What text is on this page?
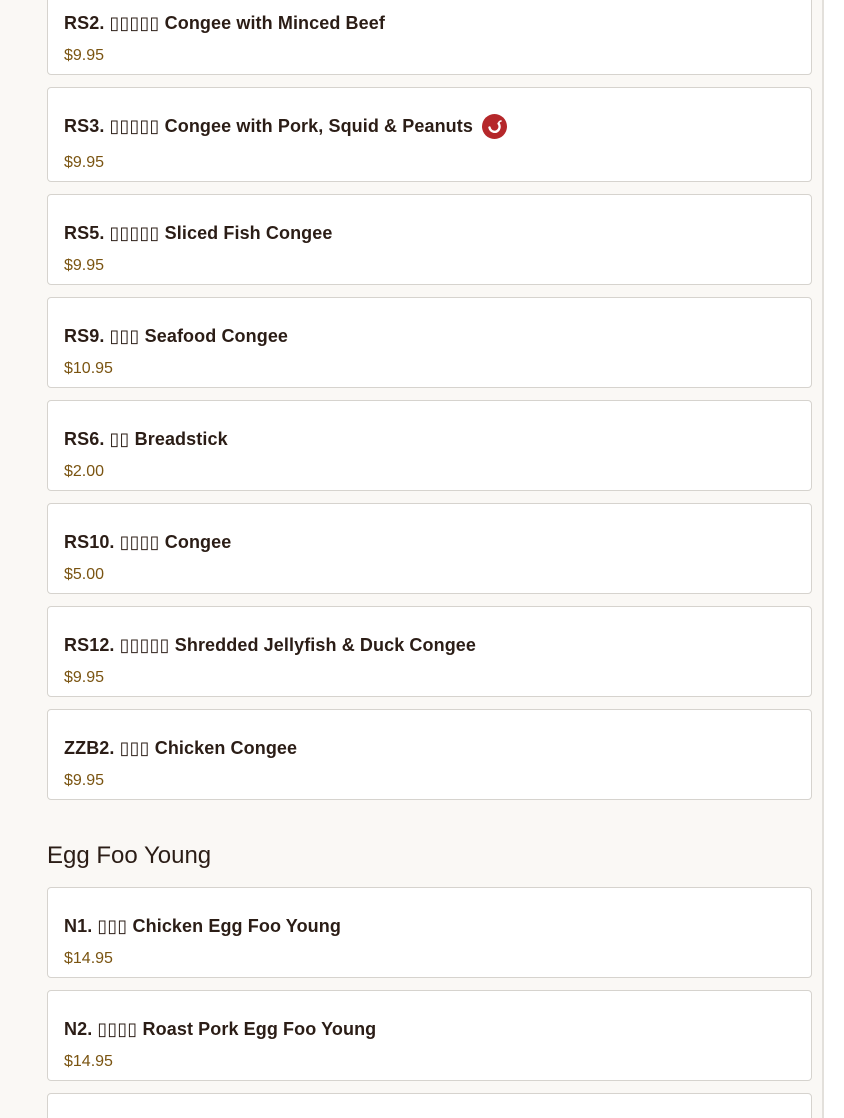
RS2. ▯▯▯▯▯ Congee with Minced Beef
$9.95
RS3. ▯▯▯▯▯ Congee with Pork, Squid & Peanuts
$9.95
RS5. ▯▯▯▯▯ Sliced Fish Congee
$9.95
RS9. ▯▯▯ Seafood Congee
$10.95
RS6. ▯▯ Breadstick
$2.00
RS10. ▯▯▯▯ Congee
$5.00
RS12. ▯▯▯▯▯ Shredded Jellyfish & Duck Congee
$9.95
ZZB2. ▯▯▯ Chicken Congee
$9.95
Egg Foo Young
N1. ▯▯▯ Chicken Egg Foo Young
$14.95
N2. ▯▯▯▯ Roast Pork Egg Foo Young
$14.95
